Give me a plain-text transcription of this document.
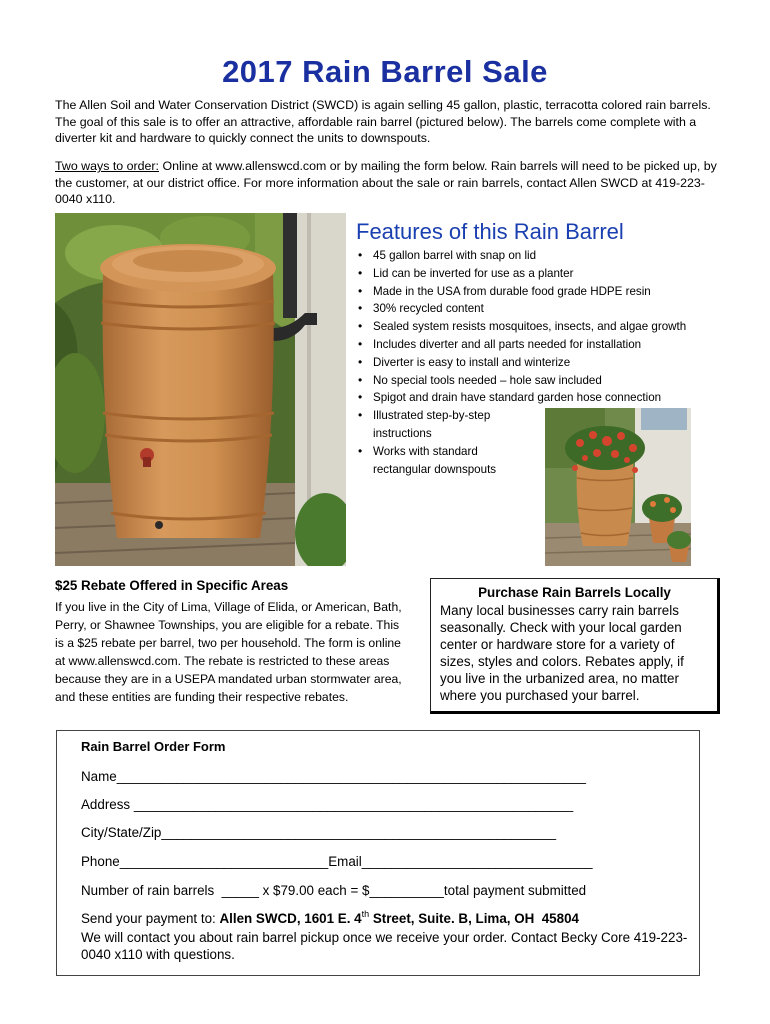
2017 Rain Barrel Sale
The Allen Soil and Water Conservation District (SWCD) is again selling 45 gallon, plastic, terracotta colored rain barrels. The goal of this sale is to offer an attractive, affordable rain barrel (pictured below). The barrels come complete with a diverter kit and hardware to quickly connect the units to downspouts.
Two ways to order: Online at www.allenswcd.com or by mailing the form below. Rain barrels will need to be picked up, by the customer, at our district office. For more information about the sale or rain barrels, contact Allen SWCD at 419-223-0040 x110.
Features of this Rain Barrel
• 45 gallon barrel with snap on lid
• Lid can be inverted for use as a planter
• Made in the USA from durable food grade HDPE resin
• 30% recycled content
• Sealed system resists mosquitoes, insects, and algae growth
• Includes diverter and all parts needed for installation
• Diverter is easy to install and winterize
• No special tools needed – hole saw included
• Spigot and drain have standard garden hose connection
• Illustrated step-by-step instructions
• Works with standard rectangular downspouts
$25 Rebate Offered in Specific Areas
If you live in the City of Lima, Village of Elida, or American, Bath, Perry, or Shawnee Townships, you are eligible for a rebate. This is a $25 rebate per barrel, two per household. The form is online at www.allenswcd.com. The rebate is restricted to these areas because they are in a USEPA mandated urban stormwater area, and these entities are funding their respective rebates.
Purchase Rain Barrels Locally
Many local businesses carry rain barrels seasonally. Check with your local garden center or hardware store for a variety of sizes, styles and colors. Rebates apply, if you live in the urbanized area, no matter where you purchased your barrel.
Rain Barrel Order Form
Name_______________________________________________________________
Address ___________________________________________________________
City/State/Zip_____________________________________________________
Phone____________________________Email_______________________________
Number of rain barrels  _____ x $79.00 each = $__________total payment submitted
Send your payment to: Allen SWCD, 1601 E. 4th Street, Suite. B, Lima, OH  45804
We will contact you about rain barrel pickup once we receive your order. Contact Becky Core 419-223-0040 x110 with questions.
